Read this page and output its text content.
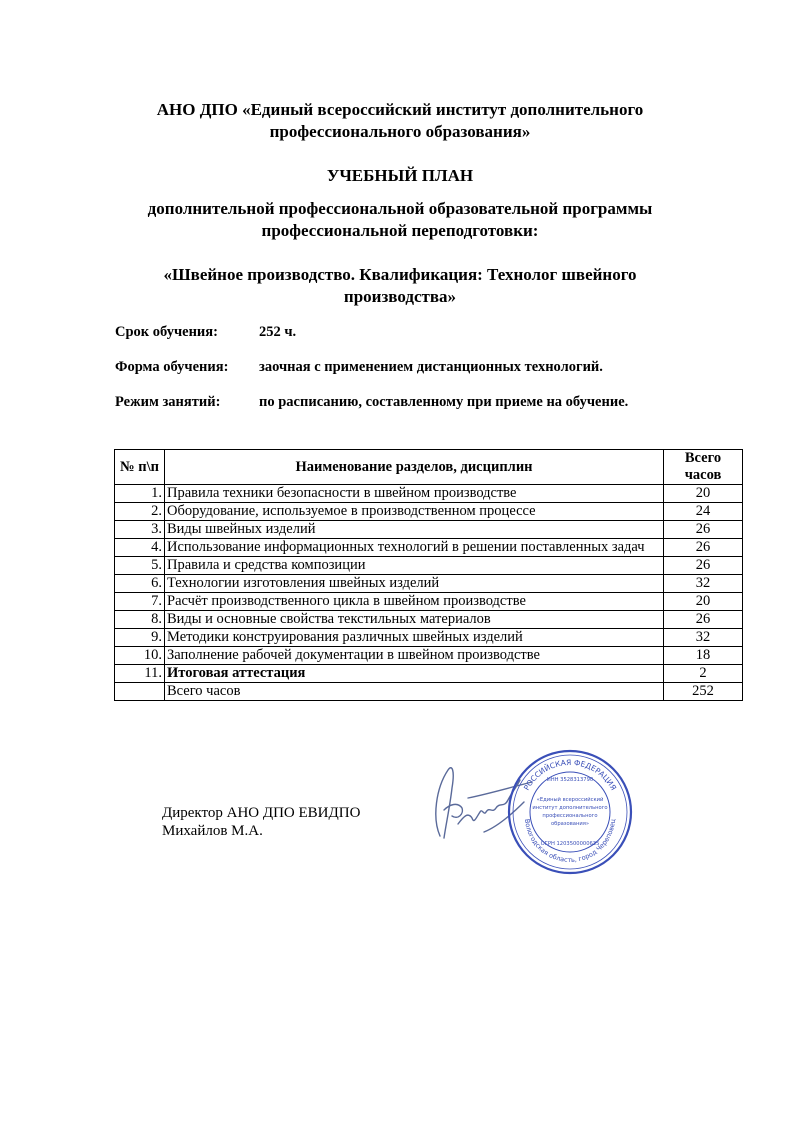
АНО ДПО «Единый всероссийский институт дополнительного
профессионального образования»
УЧЕБНЫЙ ПЛАН
дополнительной профессиональной образовательной программы
профессиональной переподготовки:
«Швейное производство. Квалификация: Технолог швейного
производства»
Срок обучения:	252 ч.
Форма обучения: заочная с применением дистанционных технологий.
Режим занятий:	по расписанию, составленному при приеме на обучение.
№ п\п	Наименование разделов, дисциплин	Всего
часов

1.	Правила техники безопасности в швейном производстве	20
2.	Оборудование, используемое в производственном процессе	24
3.	Виды швейных изделий	26
4.	Использование информационных технологий в решении поставленных задач	26
5.	Правила и средства композиции	26
6.	Технологии изготовления швейных изделий	32
7.	Расчёт производственного цикла в швейном производстве	20
8.	Виды и основные свойства текстильных материалов	26
9.	Методики конструирования различных швейных изделий	32
10.	Заполнение рабочей документации в швейном производстве	18
11.	Итоговая аттестация	2
	Всего часов	252
Директор АНО ДПО ЕВИДПО
Михайлов М.А.
РОССИЙСКАЯ ФЕДЕРАЦИЯ
Вологодская область, город Череповец
ИНН 3528313790
«Единый всероссийский
институт дополнительного
профессионального
образования»
ОГРН 1203500000635
